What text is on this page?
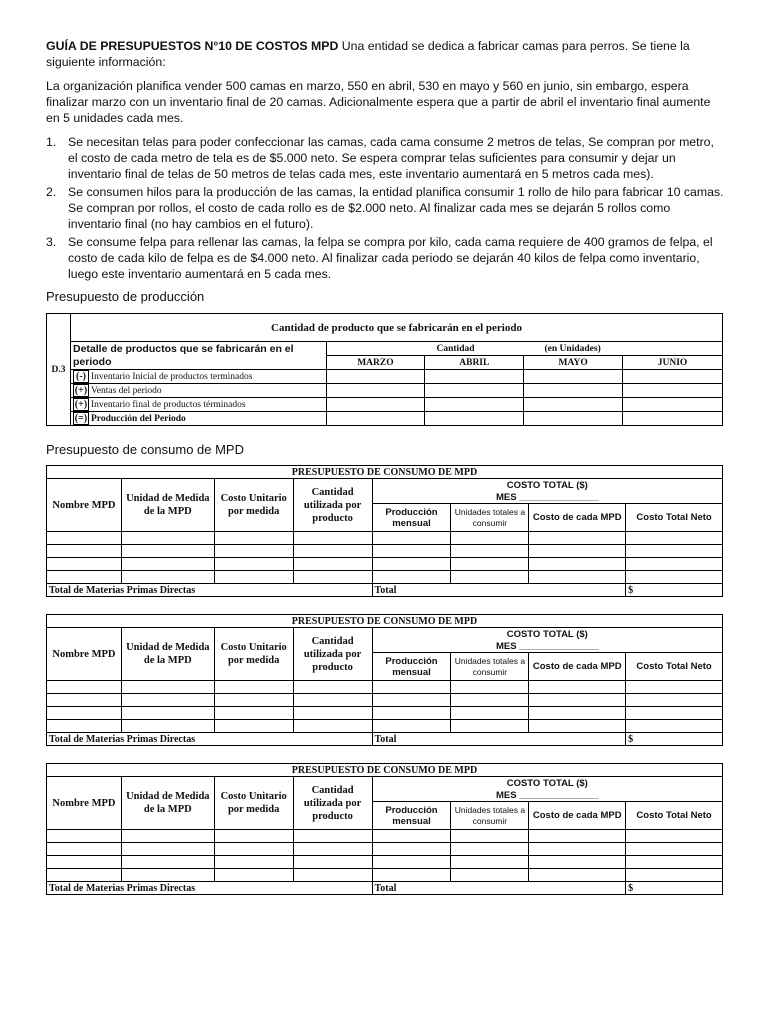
GUÍA DE PRESUPUESTOS N°10 DE COSTOS MPD Una entidad se dedica a fabricar camas para perros. Se tiene la siguiente información:

La organización planifica vender 500 camas en marzo, 550 en abril, 530 en mayo y 560 en junio, sin embargo, espera finalizar marzo con un inventario final de 20 camas. Adicionalmente espera que a partir de abril el inventario final aumente en 5 unidades cada mes.

1. Se necesitan telas para poder confeccionar las camas, cada cama consume 2 metros de telas, Se compran por metro, el costo de cada metro de tela es de $5.000 neto. Se espera comprar telas suficientes para consumir y dejar un inventario final de telas de 50 metros de telas cada mes, este inventario aumentará en 5 metros cada mes).
2. Se consumen hilos para la producción de las camas, la entidad planifica consumir 1 rollo de hilo para fabricar 10 camas. Se compran por rollos, el costo de cada rollo es de $2.000 neto. Al finalizar cada mes se dejarán 5 rollos como inventario final (no hay cambios en el futuro).
3. Se consume felpa para rellenar las camas, la felpa se compra por kilo, cada cama requiere de 400 gramos de felpa, el costo de cada kilo de felpa es de $4.000 neto. Al finalizar cada periodo se dejarán 40 kilos de felpa como inventario, luego este inventario aumentará en 5 cada mes.
Presupuesto de producción
D.3	Cantidad de producto que se fabricarán en el periodo				
	Detalle de productos que se fabricarán en el periodo	Cantidad (en Unidades)			
		MARZO	ABRIL	MAYO	JUNIO
	(-) Inventario Inicial de productos terminados				
	(+) Ventas del periodo				
	(+) Inventario final de productos términados				
	(=) Producción del Periodo				
Presupuesto de consumo de MPD
PRESUPUESTO DE CONSUMO DE MPD							
Nombre MPD	Unidad de Medida de la MPD	Costo Unitario por medida	Cantidad utilizada por producto	COSTO TOTAL ($)			
				MES _______________			
				Producción mensual	Unidades totales a consumir	Costo de cada MPD	Costo Total Neto

Total de Materias Primas Directas				Total			$
PRESUPUESTO DE CONSUMO DE MPD							
Nombre MPD	Unidad de Medida de la MPD	Costo Unitario por medida	Cantidad utilizada por producto	COSTO TOTAL ($)			
				MES _______________			
				Producción mensual	Unidades totales a consumir	Costo de cada MPD	Costo Total Neto

Total de Materias Primas Directas				Total			$
PRESUPUESTO DE CONSUMO DE MPD							
Nombre MPD	Unidad de Medida de la MPD	Costo Unitario por medida	Cantidad utilizada por producto	COSTO TOTAL ($)			
				MES _______________			
				Producción mensual	Unidades totales a consumir	Costo de cada MPD	Costo Total Neto

Total de Materias Primas Directas				Total			$
